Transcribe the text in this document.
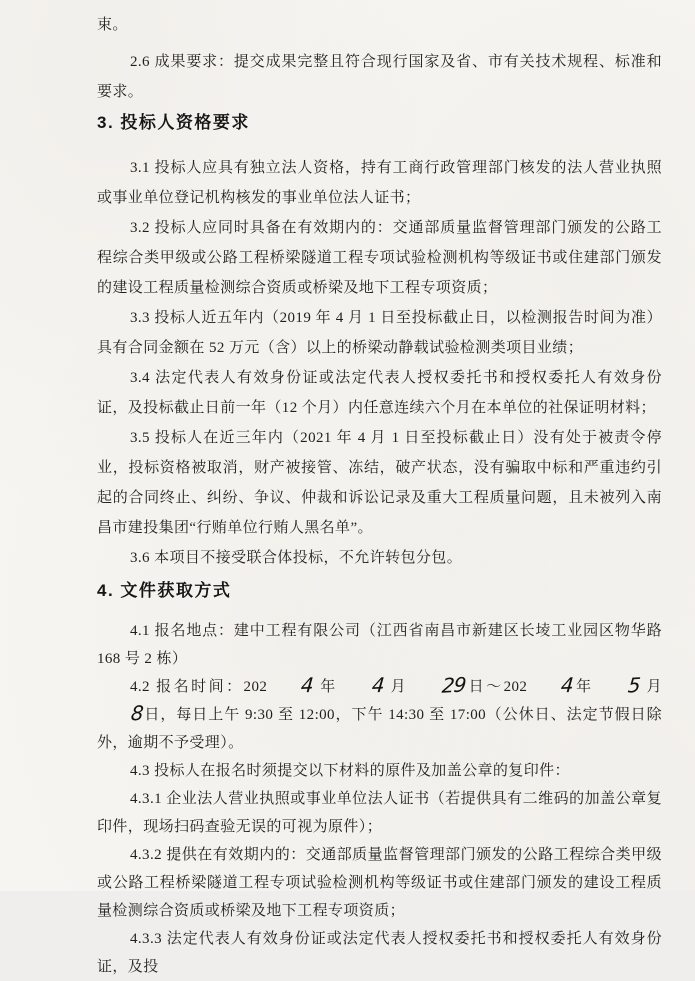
束。

2.6 成果要求：提交成果完整且符合现行国家及省、市有关技术规程、标准和要求。

3. 投标人资格要求

3.1 投标人应具有独立法人资格，持有工商行政管理部门核发的法人营业执照或事业单位登记机构核发的事业单位法人证书；

3.2 投标人应同时具备在有效期内的：交通部质量监督管理部门颁发的公路工程综合类甲级或公路工程桥梁隧道工程专项试验检测机构等级证书或住建部门颁发的建设工程质量检测综合资质或桥梁及地下工程专项资质；

3.3 投标人近五年内（2019 年 4 月 1 日至投标截止日，以检测报告时间为准）具有合同金额在 52 万元（含）以上的桥梁动静载试验检测类项目业绩；

3.4 法定代表人有效身份证或法定代表人授权委托书和授权委托人有效身份证，及投标截止日前一年（12 个月）内任意连续六个月在本单位的社保证明材料；

3.5 投标人在近三年内（2021 年 4 月 1 日至投标截止日）没有处于被责令停业，投标资格被取消，财产被接管、冻结，破产状态，没有骗取中标和严重违约引起的合同终止、纠纷、争议、仲裁和诉讼记录及重大工程质量问题，且未被列入南昌市建投集团“行贿单位行贿人黑名单”。

3.6 本项目不接受联合体投标，不允许转包分包。

4. 文件获取方式

4.1 报名地点：建中工程有限公司（江西省南昌市新建区长堎工业园区物华路 168 号 2 栋）

4.2 报名时间：202 4 年 4 月 29日～202 4年 5 月8日，每日上午 9:30 至 12:00，下午 14:30 至 17:00（公休日、法定节假日除外，逾期不予受理）。

4.3 投标人在报名时须提交以下材料的原件及加盖公章的复印件：

4.3.1 企业法人营业执照或事业单位法人证书（若提供具有二维码的加盖公章复印件，现场扫码查验无误的可视为原件）；

4.3.2 提供在有效期内的：交通部质量监督管理部门颁发的公路工程综合类甲级或公路工程桥梁隧道工程专项试验检测机构等级证书或住建部门颁发的建设工程质量检测综合资质或桥梁及地下工程专项资质；

4.3.3 法定代表人有效身份证或法定代表人授权委托书和授权委托人有效身份证，及投
